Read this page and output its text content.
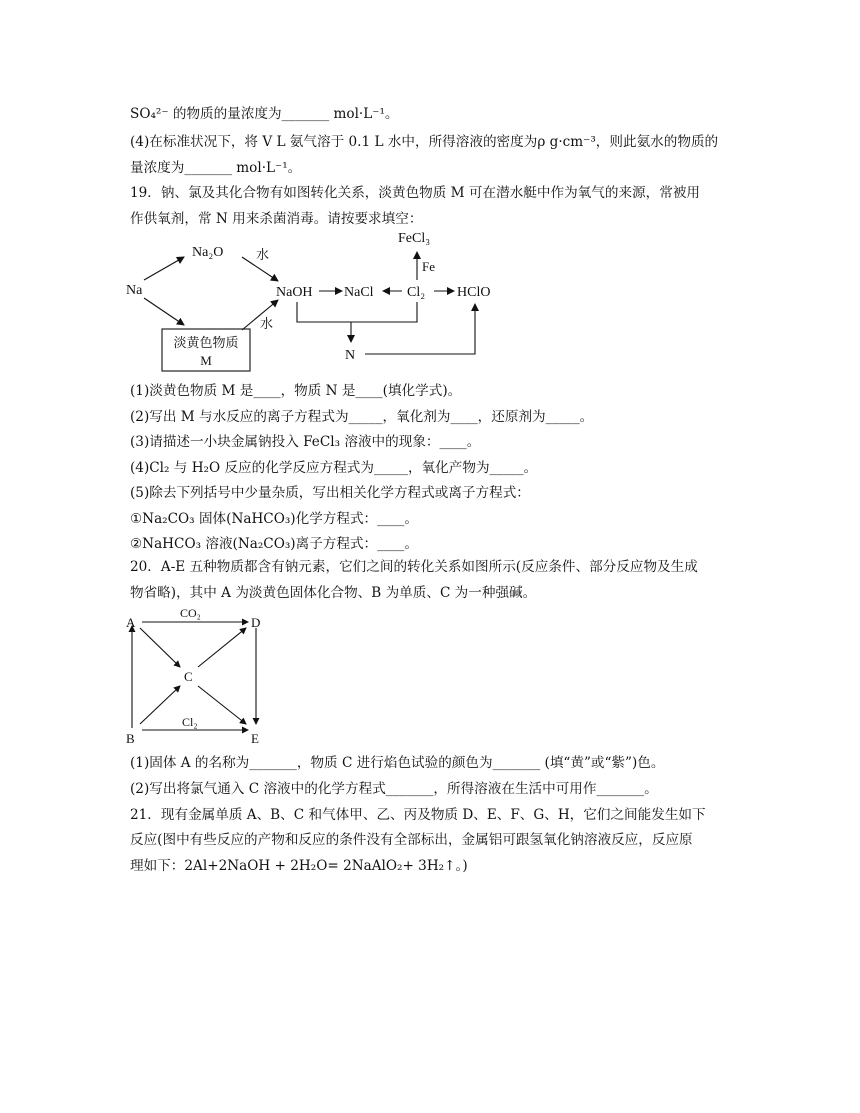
SO₄²⁻ 的物质的量浓度为_______ mol·L⁻¹。
(4)在标准状况下，将 V L 氨气溶于 0.1 L 水中，所得溶液的密度为ρ g·cm⁻³，则此氨水的物质的
量浓度为_______ mol·L⁻¹。
19．钠、氯及其化合物有如图转化关系，淡黄色物质 M 可在潜水艇中作为氧气的来源，常被用
作供氧剂，常 N 用来杀菌消毒。请按要求填空：
Na
Na₂O	水
水
淡黄色物质
M
NaOH NaCl Cl₂ HClO
FeCl₃
Fe
N
(1)淡黄色物质 M 是____，物质 N 是____(填化学式)。
(2)写出 M 与水反应的离子方程式为_____，氧化剂为____，还原剂为_____。
(3)请描述一小块金属钠投入 FeCl₃ 溶液中的现象：____。
(4)Cl₂ 与 H₂O 反应的化学反应方程式为_____，氧化产物为_____。
(5)除去下列括号中少量杂质，写出相关化学方程式或离子方程式：
①Na₂CO₃ 固体(NaHCO₃)化学方程式：____。
②NaHCO₃ 溶液(Na₂CO₃)离子方程式：____。
20．A-E 五种物质都含有钠元素，它们之间的转化关系如图所示(反应条件、部分反应物及生成
物省略)，其中 A 为淡黄色固体化合物、B 为单质、C 为一种强碱。
A	D
C
B	E
CO₂
Cl₂
(1)固体 A 的名称为_______，物质 C 进行焰色试验的颜色为_______ (填“黄”或“紫”)色。
(2)写出将氯气通入 C 溶液中的化学方程式_______，所得溶液在生活中可用作_______。
21．现有金属单质 A、B、C 和气体甲、乙、丙及物质 D、E、F、G、H，它们之间能发生如下
反应(图中有些反应的产物和反应的条件没有全部标出，金属铝可跟氢氧化钠溶液反应，反应原
理如下：2Al+2NaOH + 2H₂O= 2NaAlO₂+ 3H₂↑。)
